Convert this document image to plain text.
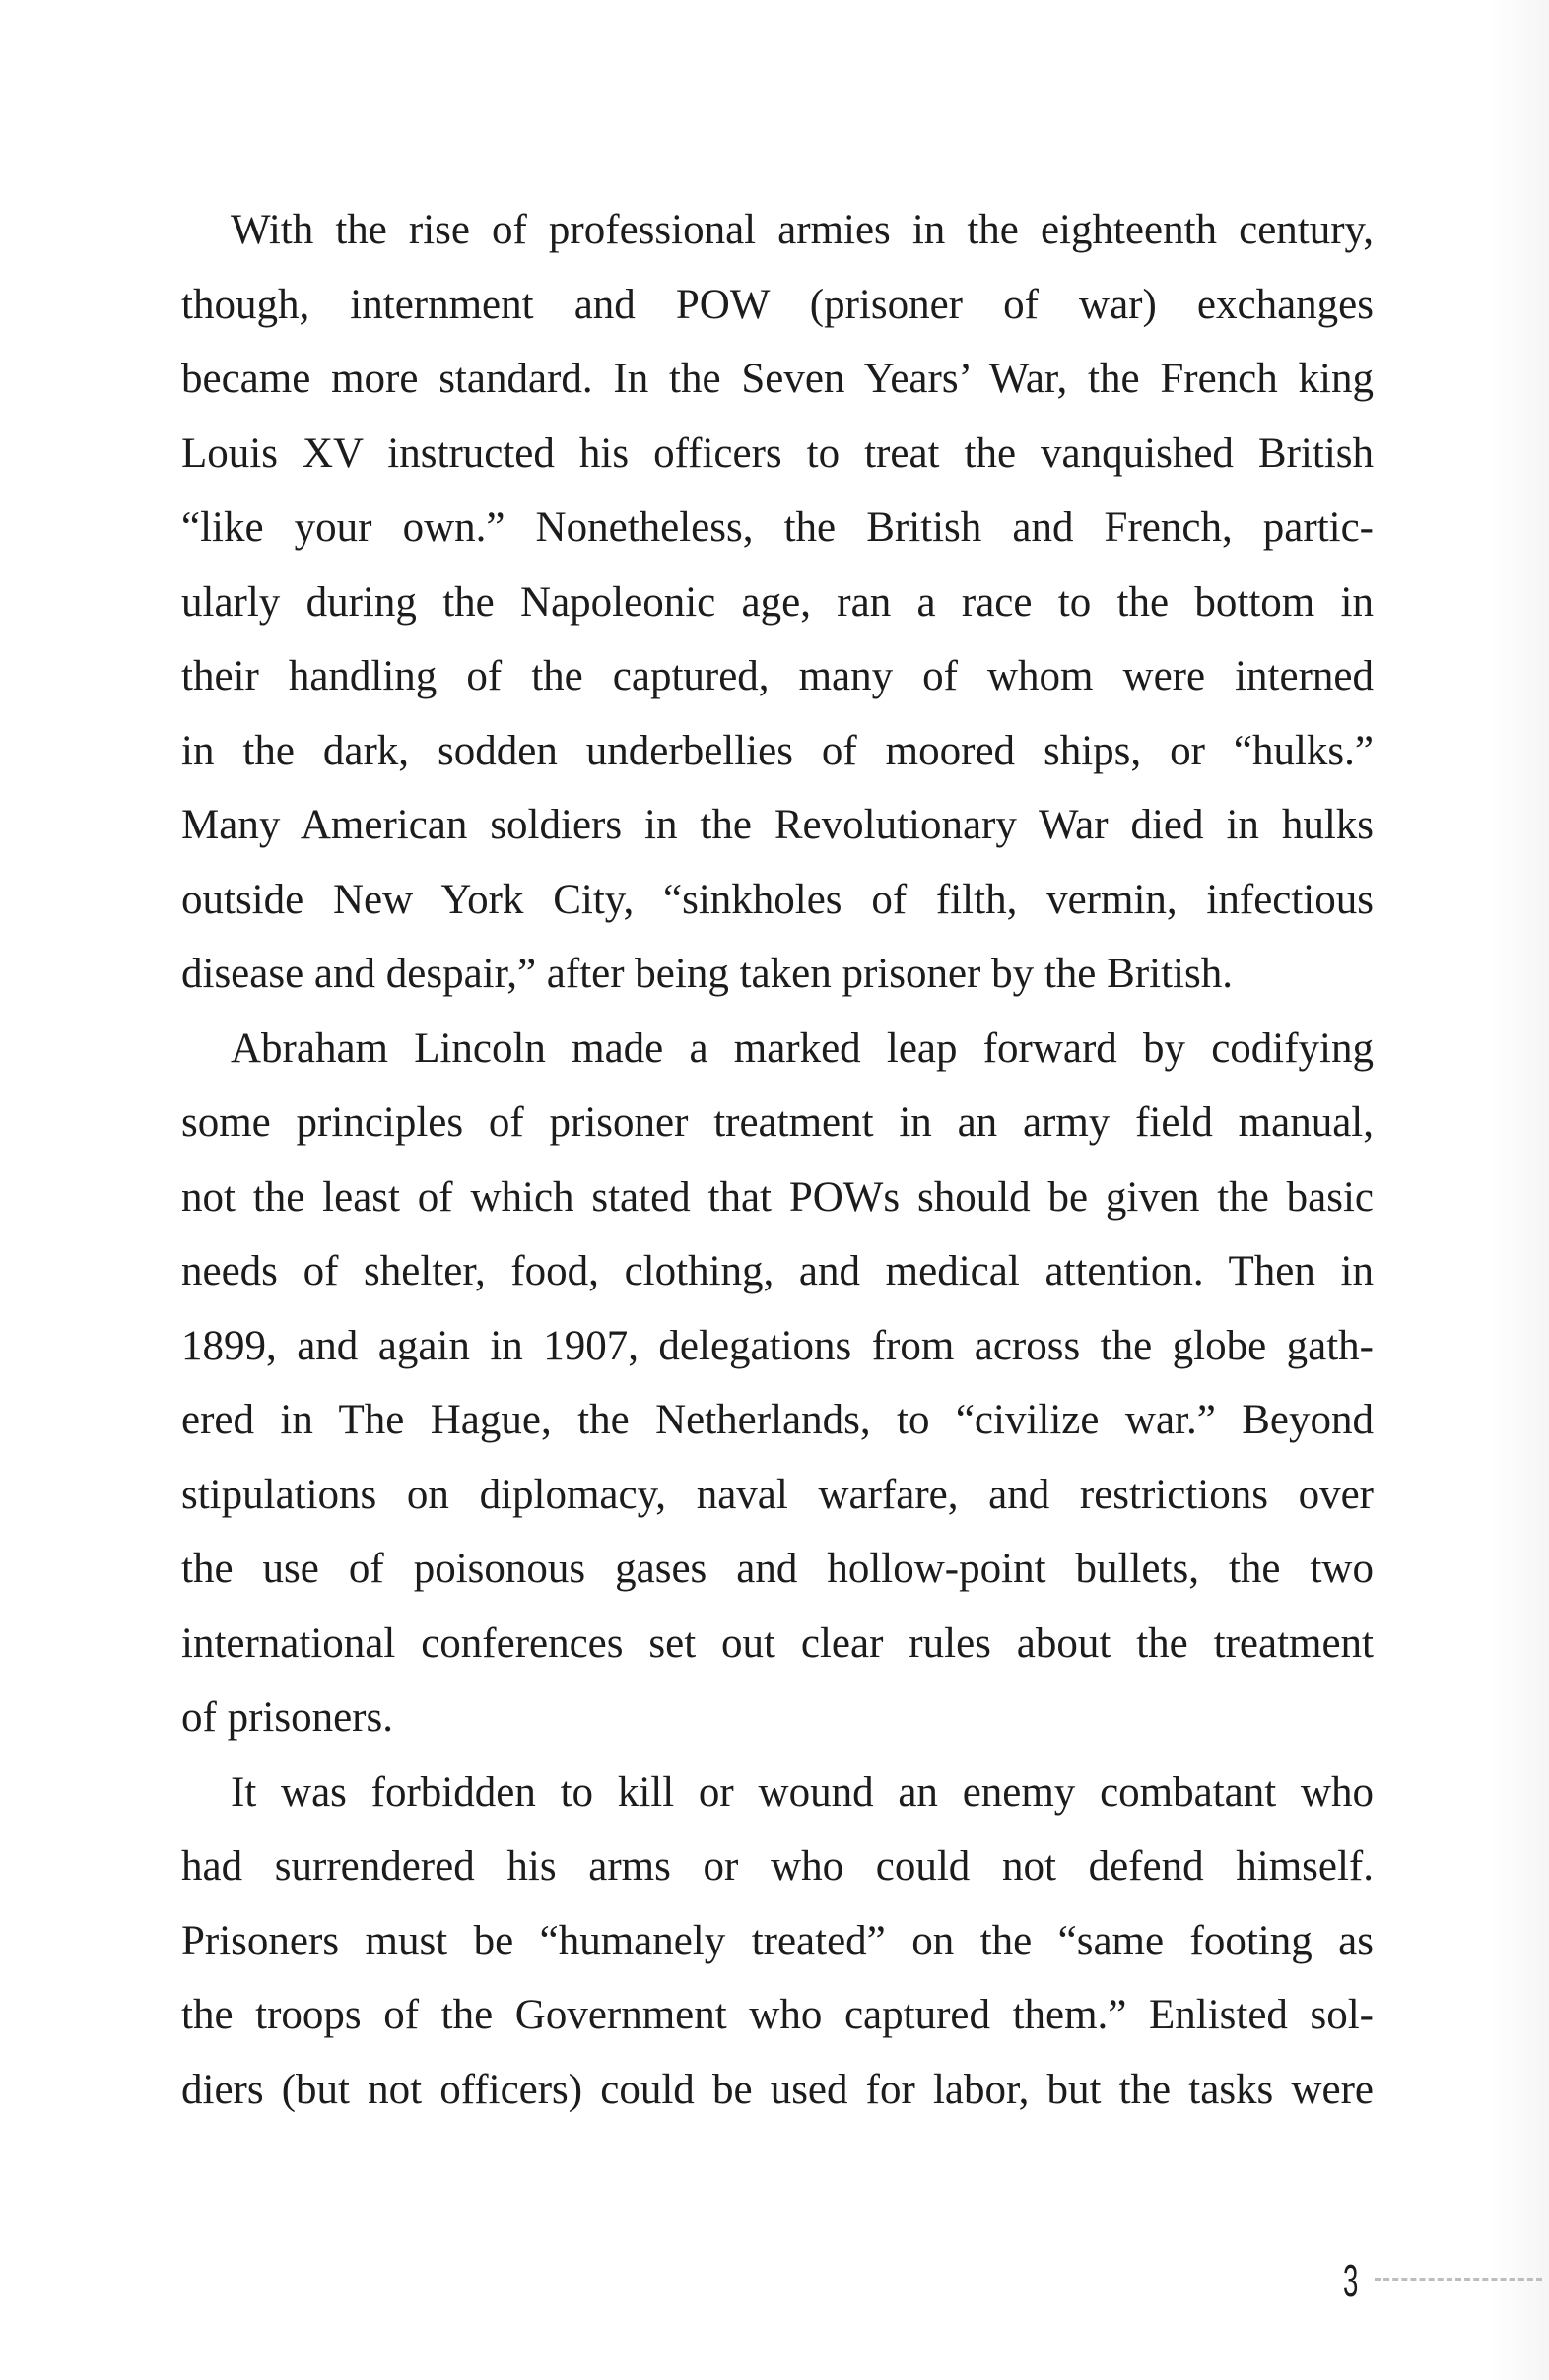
With the rise of professional armies in the eighteenth century,
though, internment and POW (prisoner of war) exchanges
became more standard. In the Seven Years’ War, the French king
Louis XV instructed his officers to treat the vanquished British
“like your own.” Nonetheless, the British and French, partic-
ularly during the Napoleonic age, ran a race to the bottom in
their handling of the captured, many of whom were interned
in the dark, sodden underbellies of moored ships, or “hulks.”
Many American soldiers in the Revolutionary War died in hulks
outside New York City, “sinkholes of filth, vermin, infectious
disease and despair,” after being taken prisoner by the British.
Abraham Lincoln made a marked leap forward by codifying
some principles of prisoner treatment in an army field manual,
not the least of which stated that POWs should be given the basic
needs of shelter, food, clothing, and medical attention. Then in
1899, and again in 1907, delegations from across the globe gath-
ered in The Hague, the Netherlands, to “civilize war.” Beyond
stipulations on diplomacy, naval warfare, and restrictions over
the use of poisonous gases and hollow-point bullets, the two
international conferences set out clear rules about the treatment
of prisoners.
It was forbidden to kill or wound an enemy combatant who
had surrendered his arms or who could not defend himself.
Prisoners must be “humanely treated” on the “same footing as
the troops of the Government who captured them.” Enlisted sol-
diers (but not officers) could be used for labor, but the tasks were
3
